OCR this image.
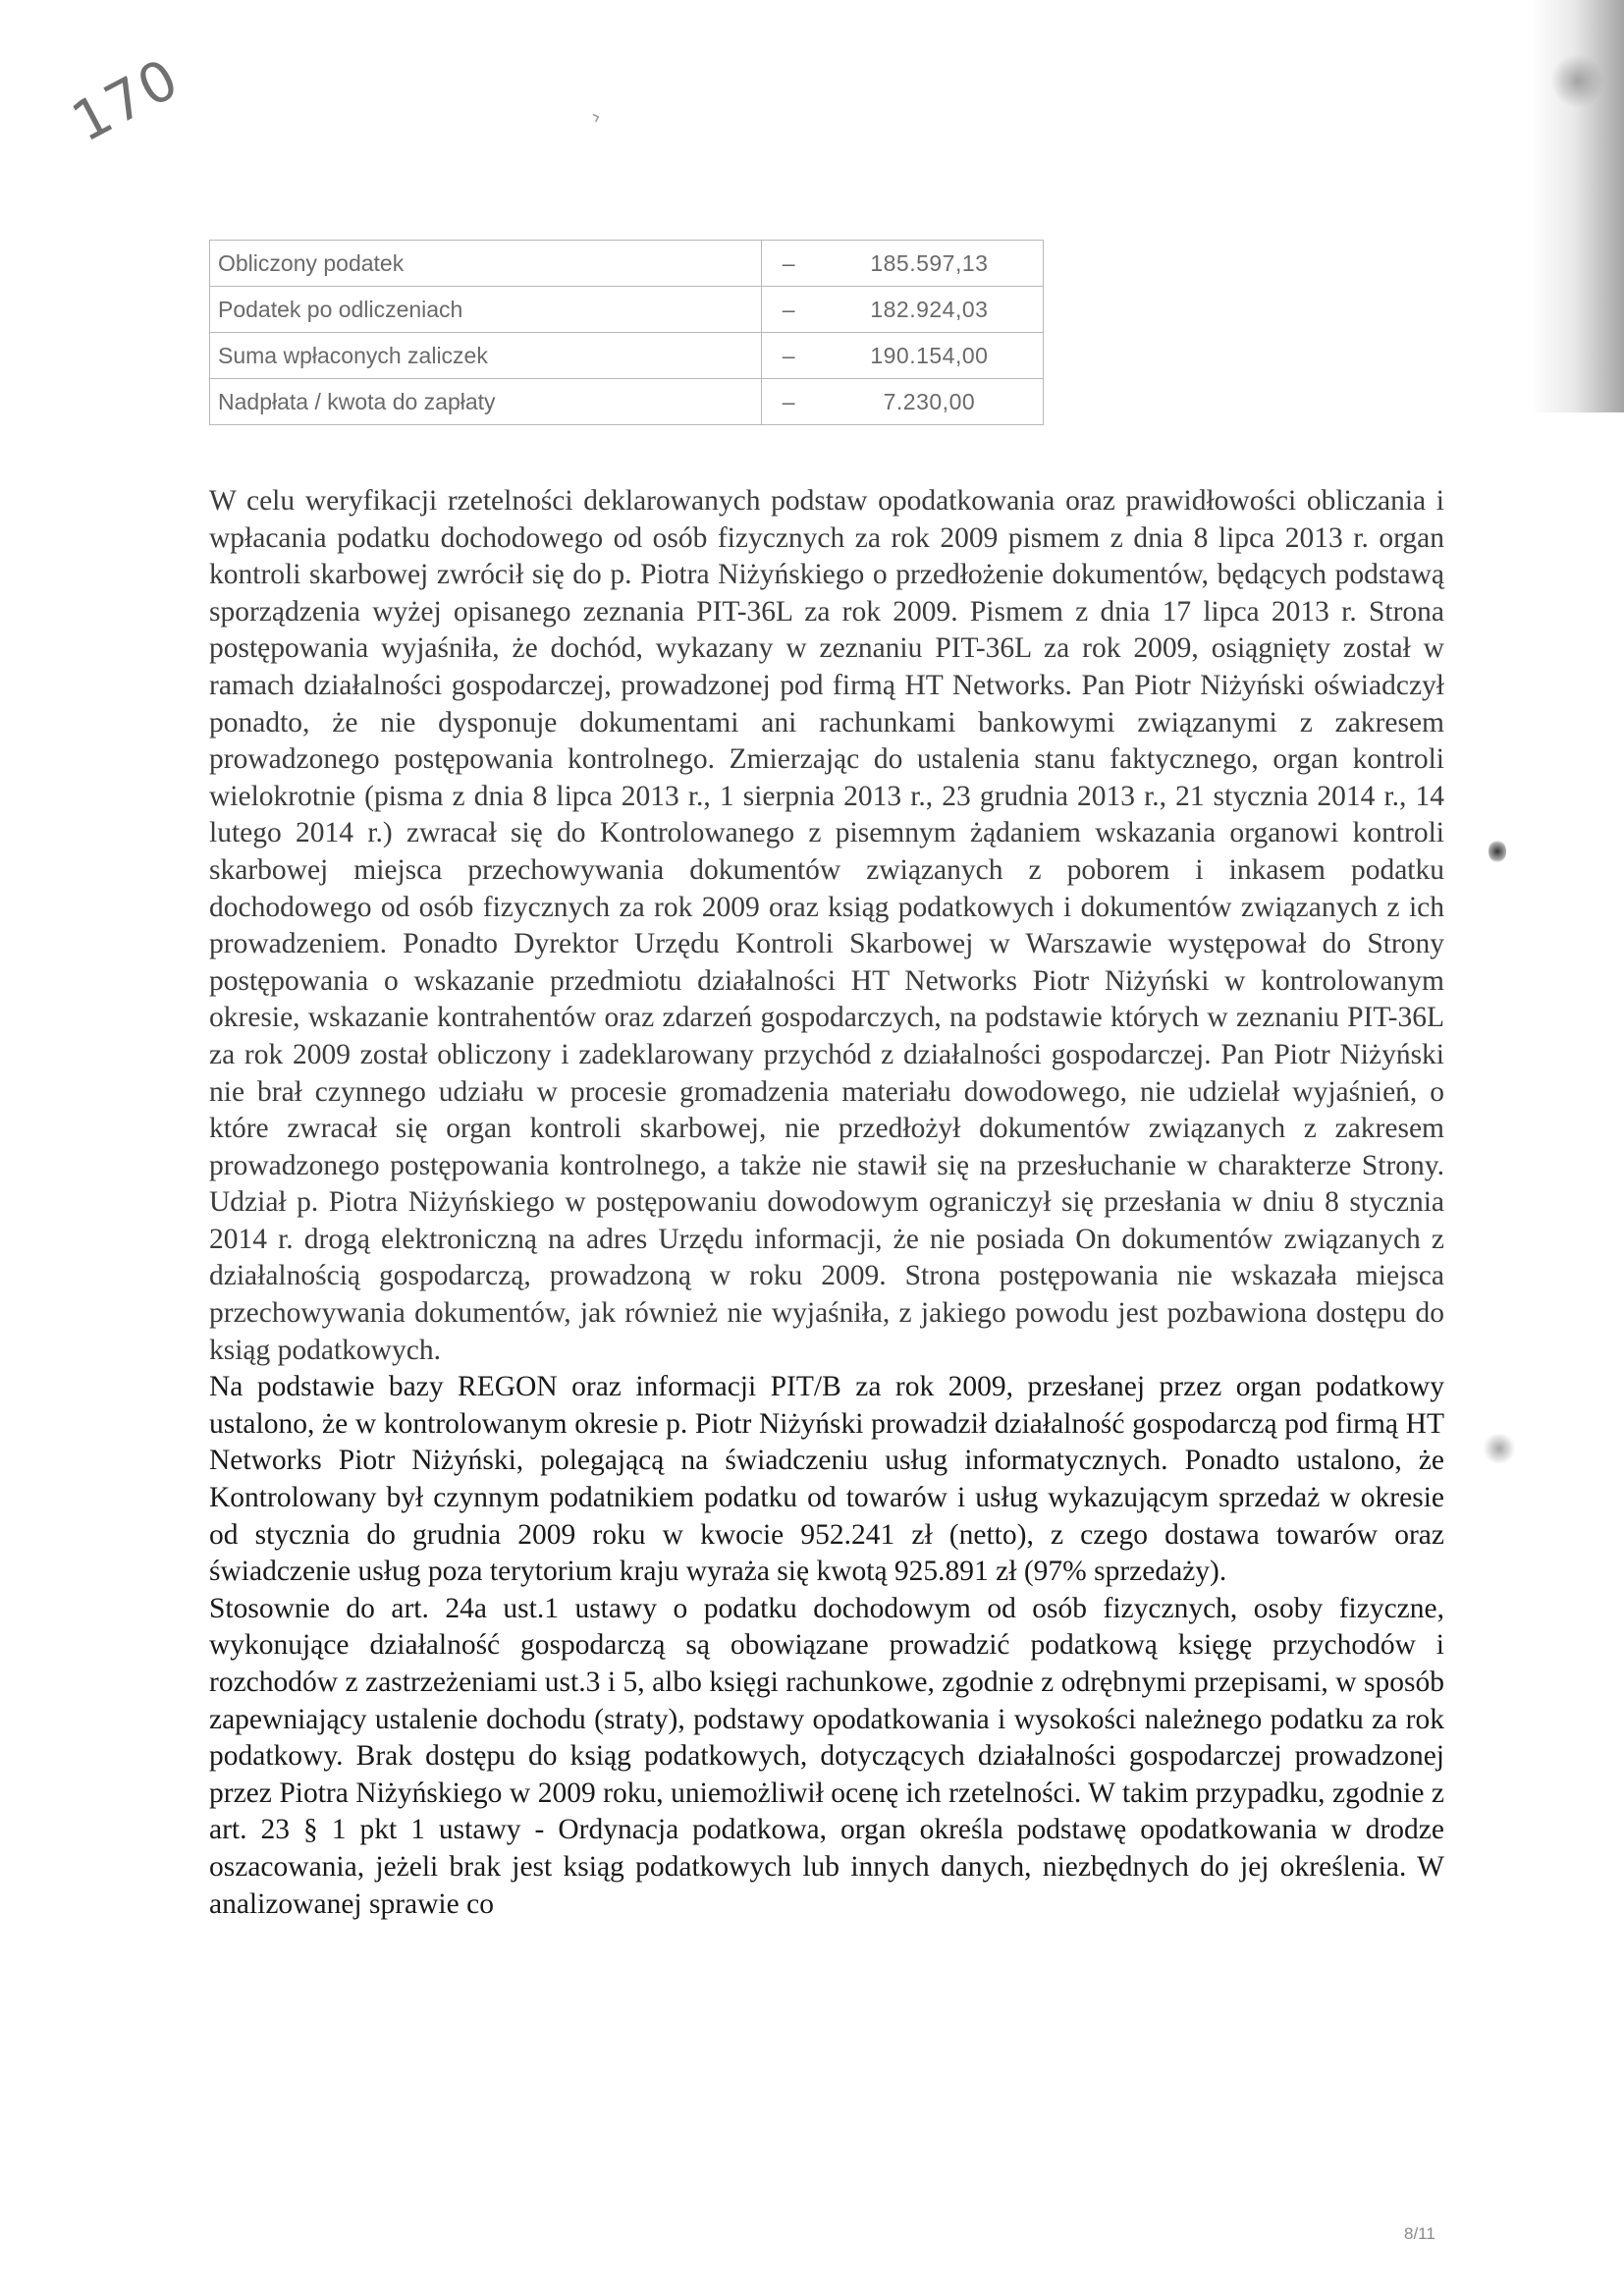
170	›
Obliczony podatek	–	185.597,13
Podatek po odliczeniach	–	182.924,03
Suma wpłaconych zaliczek	–	190.154,00
Nadpłata / kwota do zapłaty	–	7.230,00

W celu weryfikacji rzetelności deklarowanych podstaw opodatkowania oraz prawidłowości obliczania i wpłacania podatku dochodowego od osób fizycznych za rok 2009 pismem z dnia 8 lipca 2013 r. organ kontroli skarbowej zwrócił się do p. Piotra Niżyńskiego o przedłożenie dokumentów, będących podstawą sporządzenia wyżej opisanego zeznania PIT-36L za rok 2009. Pismem z dnia 17 lipca 2013 r. Strona postępowania wyjaśniła, że dochód, wykazany w zeznaniu PIT-36L za rok 2009, osiągnięty został w ramach działalności gospodarczej, prowadzonej pod firmą HT Networks. Pan Piotr Niżyński oświadczył ponadto, że nie dysponuje dokumentami ani rachunkami bankowymi związanymi z zakresem prowadzonego postępowania kontrolnego. Zmierzając do ustalenia stanu faktycznego, organ kontroli wielokrotnie (pisma z dnia 8 lipca 2013 r., 1 sierpnia 2013 r., 23 grudnia 2013 r., 21 stycznia 2014 r., 14 lutego 2014 r.) zwracał się do Kontrolowanego z pisemnym żądaniem wskazania organowi kontroli skarbowej miejsca przechowywania dokumentów związanych z poborem i inkasem podatku dochodowego od osób fizycznych za rok 2009 oraz ksiąg podatkowych i dokumentów związanych z ich prowadzeniem. Ponadto Dyrektor Urzędu Kontroli Skarbowej w Warszawie występował do Strony postępowania o wskazanie przedmiotu działalności HT Networks Piotr Niżyński w kontrolowanym okresie, wskazanie kontrahentów oraz zdarzeń gospodarczych, na podstawie których w zeznaniu PIT-36L za rok 2009 został obliczony i zadeklarowany przychód z działalności gospodarczej. Pan Piotr Niżyński nie brał czynnego udziału w procesie gromadzenia materiału dowodowego, nie udzielał wyjaśnień, o które zwracał się organ kontroli skarbowej, nie przedłożył dokumentów związanych z zakresem prowadzonego postępowania kontrolnego, a także nie stawił się na przesłuchanie w charakterze Strony. Udział p. Piotra Niżyńskiego w postępowaniu dowodowym ograniczył się przesłania w dniu 8 stycznia 2014 r. drogą elektroniczną na adres Urzędu informacji, że nie posiada On dokumentów związanych z działalnością gospodarczą, prowadzoną w roku 2009. Strona postępowania nie wskazała miejsca przechowywania dokumentów, jak również nie wyjaśniła, z jakiego powodu jest pozbawiona dostępu do ksiąg podatkowych.

Na podstawie bazy REGON oraz informacji PIT/B za rok 2009, przesłanej przez organ podatkowy ustalono, że w kontrolowanym okresie p. Piotr Niżyński prowadził działalność gospodarczą pod firmą HT Networks Piotr Niżyński, polegającą na świadczeniu usług informatycznych. Ponadto ustalono, że Kontrolowany był czynnym podatnikiem podatku od towarów i usług wykazującym sprzedaż w okresie od stycznia do grudnia 2009 roku w kwocie 952.241 zł (netto), z czego dostawa towarów oraz świadczenie usług poza terytorium kraju wyraża się kwotą 925.891 zł (97% sprzedaży).

Stosownie do art. 24a ust.1 ustawy o podatku dochodowym od osób fizycznych, osoby fizyczne, wykonujące działalność gospodarczą są obowiązane prowadzić podatkową księgę przychodów i rozchodów z zastrzeżeniami ust.3 i 5, albo księgi rachunkowe, zgodnie z odrębnymi przepisami, w sposób zapewniający ustalenie dochodu (straty), podstawy opodatkowania i wysokości należnego podatku za rok podatkowy. Brak dostępu do ksiąg podatkowych, dotyczących działalności gospodarczej prowadzonej przez Piotra Niżyńskiego w 2009 roku, uniemożliwił ocenę ich rzetelności. W takim przypadku, zgodnie z art. 23 § 1 pkt 1 ustawy - Ordynacja podatkowa, organ określa podstawę opodatkowania w drodze oszacowania, jeżeli brak jest ksiąg podatkowych lub innych danych, niezbędnych do jej określenia. W analizowanej sprawie co

8/11
